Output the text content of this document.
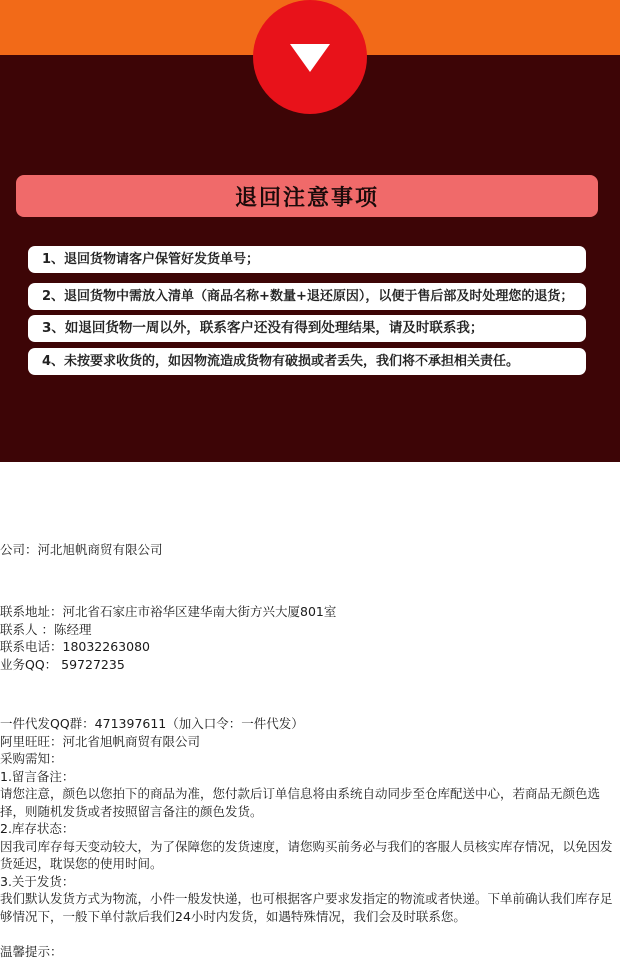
退回注意事项
1、退回货物请客户保管好发货单号；
2、退回货物中需放入清单（商品名称+数量+退还原因），以便于售后部及时处理您的退货；
3、如退回货物一周以外，联系客户还没有得到处理结果，请及时联系我；
4、未按要求收货的，如因物流造成货物有破损或者丢失，我们将不承担相关责任。

公司：河北旭帆商贸有限公司

联系地址：河北省石家庄市裕华区建华南大街方兴大厦801室

联系人 ：陈经理

联系电话：18032263080

业务QQ： 59727235

一件代发QQ群：471397611（加入口令：一件代发）

阿里旺旺：河北省旭帆商贸有限公司

采购需知：

1.留言备注：

请您注意，颜色以您拍下的商品为准，您付款后订单信息将由系统自动同步至仓库配送中心，若商品无颜色选择，则随机发货或者按照留言备注的颜色发货。

2.库存状态：

因我司库存每天变动较大，为了保障您的发货速度，请您购买前务必与我们的客服人员核实库存情况，以免因发货延迟，耽误您的使用时间。

3.关于发货：

我们默认发货方式为物流，小件一般发快递，也可根据客户要求发指定的物流或者快递。下单前确认我们库存足够情况下，一般下单付款后我们24小时内发货，如遇特殊情况，我们会及时联系您。

温馨提示：
